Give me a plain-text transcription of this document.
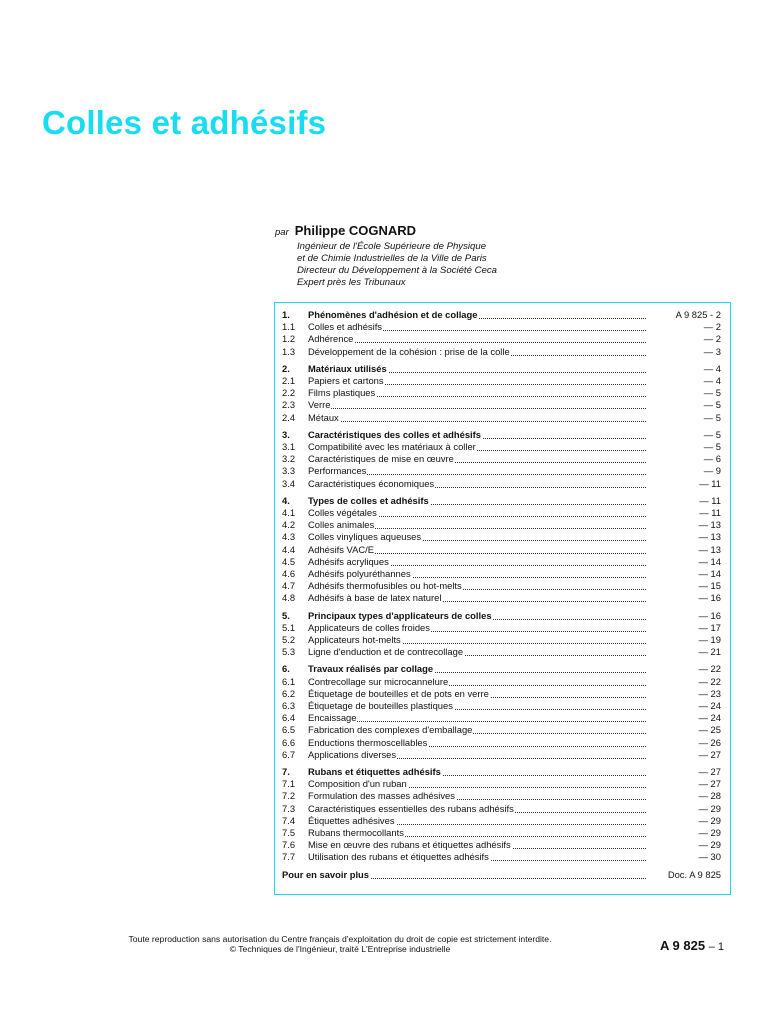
Colles et adhésifs
par Philippe COGNARD
Ingénieur de l'École Supérieure de Physique
et de Chimie Industrielles de la Ville de Paris
Directeur du Développement à la Société Ceca
Expert près les Tribunaux
1. Phénomènes d'adhésion et de collage	A 9 825 - 2
1.1 Colles et adhésifs	— 2
1.2 Adhérence	— 2
1.3 Développement de la cohésion : prise de la colle	— 3
2. Matériaux utilisés	— 4
2.1 Papiers et cartons	— 4
2.2 Films plastiques	— 5
2.3 Verre	— 5
2.4 Métaux	— 5
3. Caractéristiques des colles et adhésifs	— 5
3.1 Compatibilité avec les matériaux à coller	— 5
3.2 Caractéristiques de mise en œuvre	— 6
3.3 Performances	— 9
3.4 Caractéristiques économiques	— 11
4. Types de colles et adhésifs	— 11
4.1 Colles végétales	— 11
4.2 Colles animales	— 13
4.3 Colles vinyliques aqueuses	— 13
4.4 Adhésifs VAC/E	— 13
4.5 Adhésifs acryliques	— 14
4.6 Adhésifs polyuréthannes	— 14
4.7 Adhésifs thermofusibles ou hot-melts	— 15
4.8 Adhésifs à base de latex naturel	— 16
5. Principaux types d'applicateurs de colles	— 16
5.1 Applicateurs de colles froides	— 17
5.2 Applicateurs hot-melts	— 19
5.3 Ligne d'enduction et de contrecollage	— 21
6. Travaux réalisés par collage	— 22
6.1 Contrecollage sur microcannelure	— 22
6.2 Étiquetage de bouteilles et de pots en verre	— 23
6.3 Étiquetage de bouteilles plastiques	— 24
6.4 Encaissage	— 24
6.5 Fabrication des complexes d'emballage	— 25
6.6 Enductions thermoscellables	— 26
6.7 Applications diverses	— 27
7. Rubans et étiquettes adhésifs	— 27
7.1 Composition d'un ruban	— 27
7.2 Formulation des masses adhésives	— 28
7.3 Caractéristiques essentielles des rubans adhésifs	— 29
7.4 Étiquettes adhésives	— 29
7.5 Rubans thermocollants	— 29
7.6 Mise en œuvre des rubans et étiquettes adhésifs	— 29
7.7 Utilisation des rubans et étiquettes adhésifs	— 30
Pour en savoir plus	Doc. A 9 825
Toute reproduction sans autorisation du Centre français d'exploitation du droit de copie est strictement interdite.
© Techniques de l'Ingénieur, traité L'Entreprise industrielle	A 9 825 – 1
